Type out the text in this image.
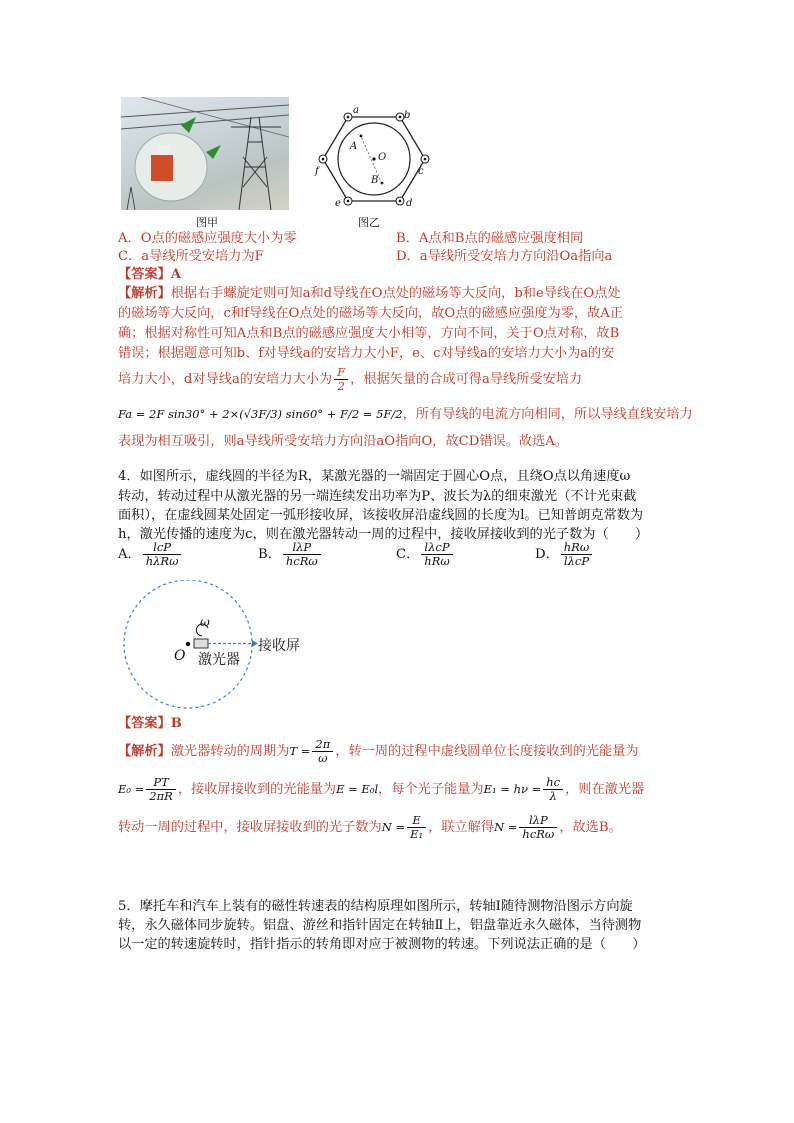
图甲
a	b
c
d
e
f
A
O
B
图乙
A．O点的磁感应强度大小为零	B．A点和B点的磁感应强度相同
C．a导线所受安培力为F	D．a导线所受安培力方向沿Oa指向a
【答案】A
【解析】根据右手螺旋定则可知a和d导线在O点处的磁场等大反向，b和e导线在O点处
的磁场等大反向，c和f导线在O点处的磁场等大反向，故O点的磁感应强度为零，故A正
确；根据对称性可知A点和B点的磁感应强度大小相等，方向不同，关于O点对称，故B
错误；根据题意可知b、f对导线a的安培力大小F，e、c对导线a的安培力大小为a的安
培力大小，d对导线a的安培力大小为 $\frac{F}{2}$ ，根据矢量的合成可得a导线所受安培力
Fa = 2F sin30° + 2×(√3F/3) sin60° + F/2 = 5F/2，所有导线的电流方向相同，所以导线直线安培力
表现为相互吸引，则a导线所受安培力方向沿aO指向O，故CD错误。故选A。
4．如图所示，虚线圆的半径为R，某激光器的一端固定于圆心O点，且绕O点以角速度ω
转动，转动过程中从激光器的另一端连续发出功率为P、波长为λ的细束激光（不计光束截
面积），在虚线圆某处固定一弧形接收屏，该接收屏沿虚线圆的长度为l。已知普朗克常数为
h，激光传播的速度为c，则在激光器转动一周的过程中，接收屏接收到的光子数为（　　）
A． $\frac{\text{lcP}}{\text{hλRω}}$	B． $\frac{\text{lλP}}{\text{hcRω}}$	C． $\frac{\text{lλcP}}{\text{hRω}}$	D． $\frac{\text{hRω}}{\text{lλcP}}$
ω
O 激光器
接收屏
【答案】B
【解析】激光器转动的周期为$T = \frac{2\pi}{\omega}$ ，转一周的过程中虚线圆单位长度接收到的光能量为
$E_0 = \frac{PT}{2\pi R}$ ，接收屏接收到的光能量为E = E₀l，每个光子能量为$E_1 = h\nu = \frac{hc}{\lambda}$ ，则在激光器
转动一周的过程中，接收屏接收到的光子数为$N = \frac{E}{\text{E₁}}$ ，联立解得$N = \frac{\text{lλP}}{\text{hcRω}}$ ，故选B。
5．摩托车和汽车上装有的磁性转速表的结构原理如图所示，转轴Ⅰ随待测物沿图示方向旋
转，永久磁体同步旋转。铝盘、游丝和指针固定在转轴Ⅱ上，铝盘靠近永久磁体，当待测物
以一定的转速旋转时，指针指示的转角即对应于被测物的转速。下列说法正确的是（　　）
